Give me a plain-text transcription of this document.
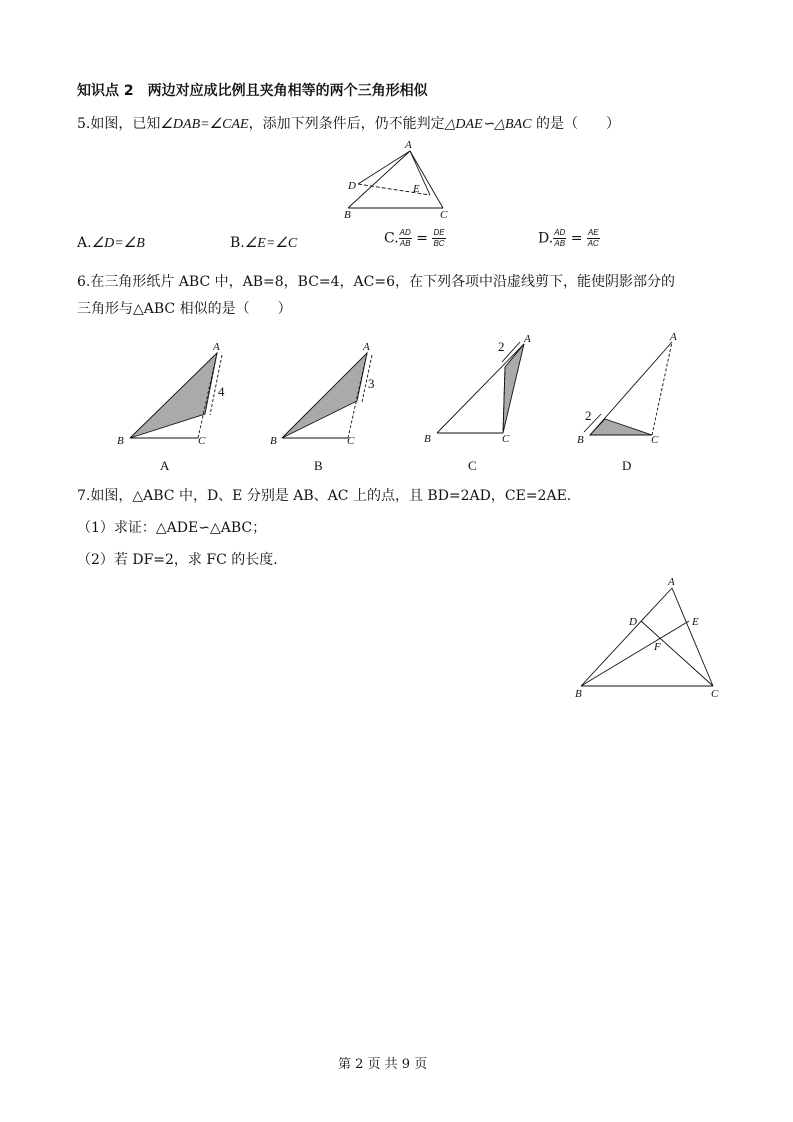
知识点 2　两边对应成比例且夹角相等的两个三角形相似
5.如图，已知∠DAB=∠CAE，添加下列条件后，仍不能判定△DAE∽△BAC 的是（　　）
A.∠D=∠B	B.∠E=∠C	C. $\frac{AD}{AB} = \frac{DE}{BC}$	D. $\frac{AD}{AB} = \frac{AE}{AC}$
6.在三角形纸片 ABC 中，AB=8，BC=4，AC=6，在下列各项中沿虚线剪下，能使阴影部分的
三角形与△ABC 相似的是（　　）
7.如图，△ABC 中，D、E 分别是 AB、AC 上的点，且 BD=2AD，CE=2AE.
（1）求证：△ADE∽△ABC；
（2）若 DF=2，求 FC 的长度.
A
D	E
B	C
A
B	C
4
A
B	C
3
A
B	C
2
A
B	C
2
A	B	C	D
A
D	E
F
B	C
第 2 页 共 9 页
